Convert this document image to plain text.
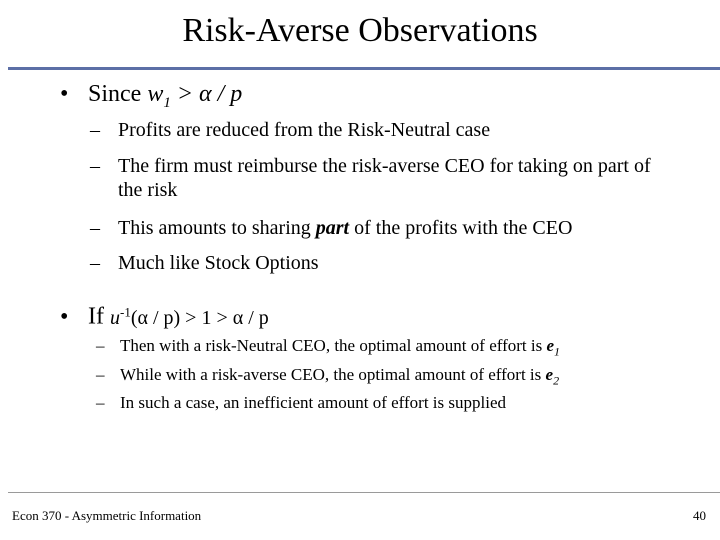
Risk-Averse Observations
• Since $w_1 > \alpha / p$
– Profits are reduced from the Risk-Neutral case
– The firm must reimburse the risk-averse CEO for taking on part of the risk
– This amounts to sharing part of the profits with the CEO
– Much like Stock Options
• If $u^{-1}(\alpha / p) > 1 > \alpha / p$
– Then with a risk-Neutral CEO, the optimal amount of effort is $e_1$
– While with a risk-averse CEO, the optimal amount of effort is $e_2$
– In such a case, an inefficient amount of effort is supplied
Econ 370 - Asymmetric Information	40
